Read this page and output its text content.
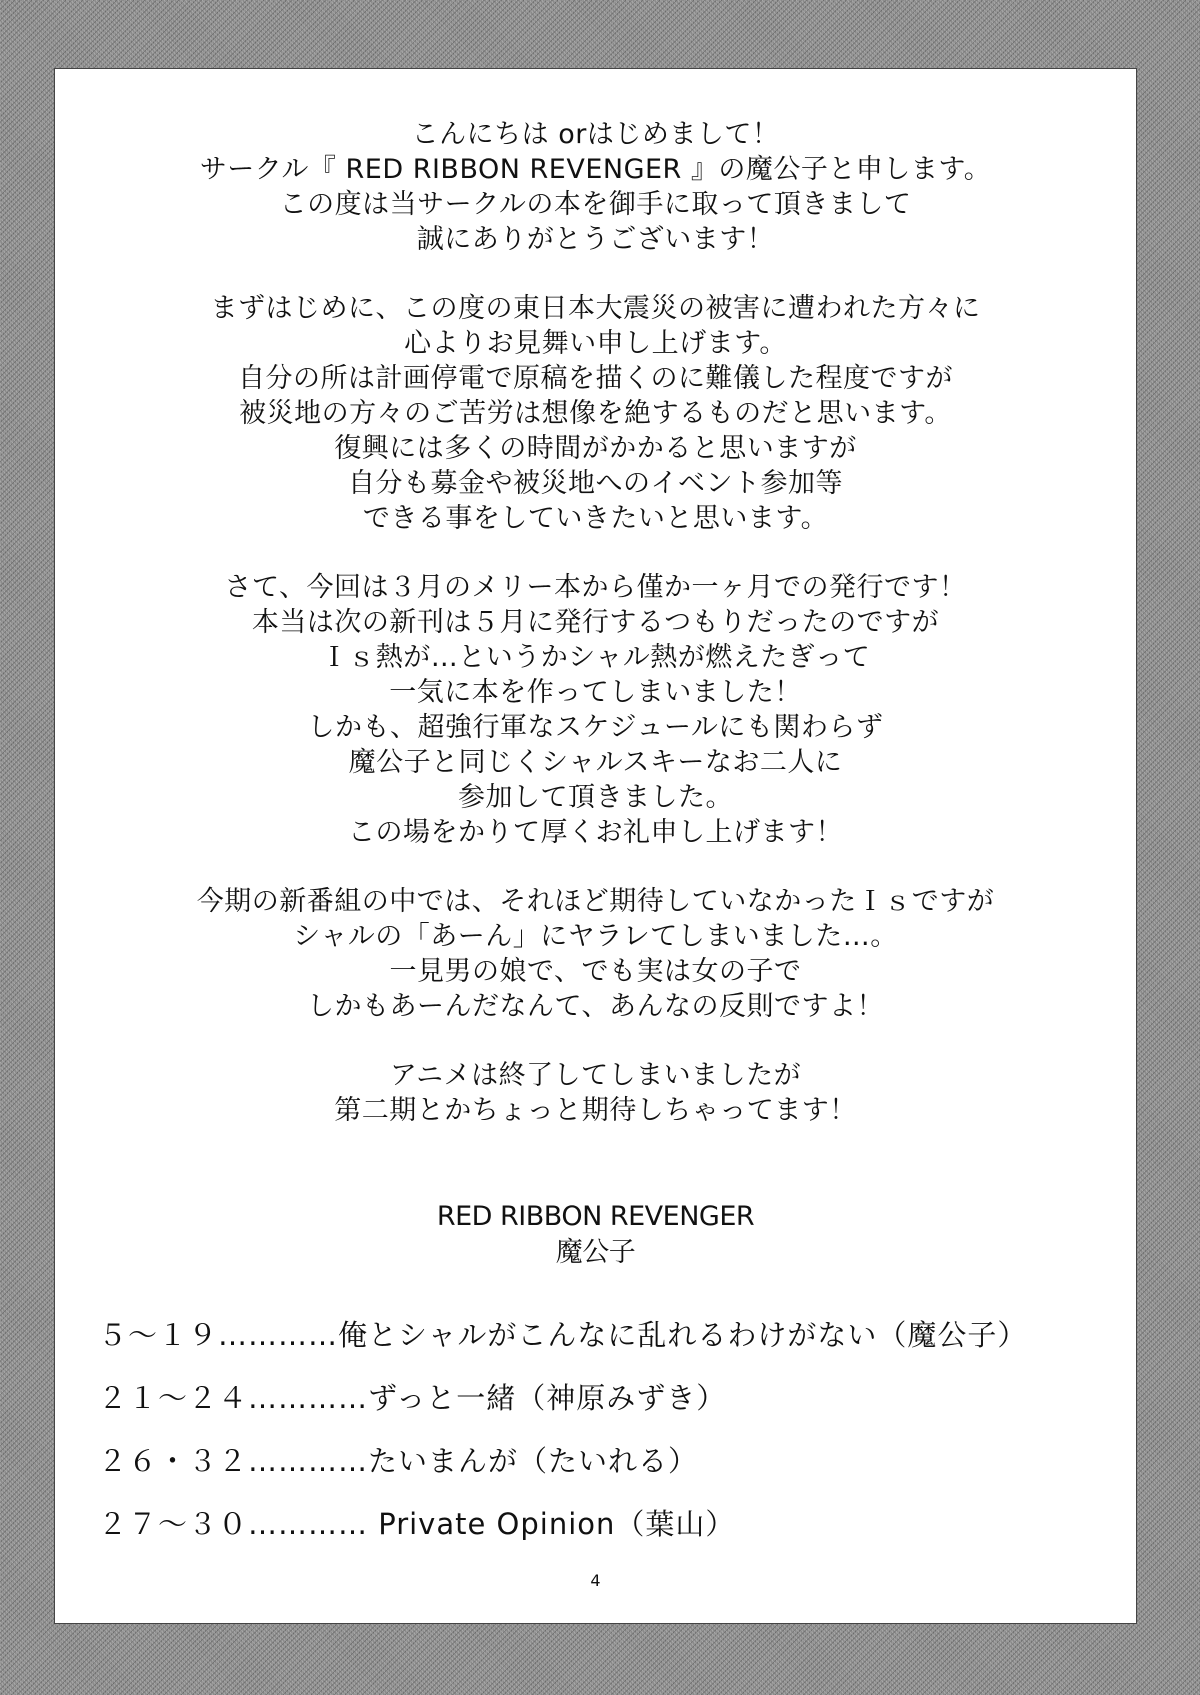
こんにちは orはじめまして！
サークル『 RED RIBBON REVENGER 』の魔公子と申します。
この度は当サークルの本を御手に取って頂きまして
誠にありがとうございます！
まずはじめに、この度の東日本大震災の被害に遭われた方々に
心よりお見舞い申し上げます。
自分の所は計画停電で原稿を描くのに難儀した程度ですが
被災地の方々のご苦労は想像を絶するものだと思います。
復興には多くの時間がかかると思いますが
自分も募金や被災地へのイベント参加等
できる事をしていきたいと思います。
さて、今回は３月のメリー本から僅か一ヶ月での発行です！
本当は次の新刊は５月に発行するつもりだったのですが
Ｉｓ熱が…というかシャル熱が燃えたぎって
一気に本を作ってしまいました！
しかも、超強行軍なスケジュールにも関わらず
魔公子と同じくシャルスキーなお二人に
参加して頂きました。
この場をかりて厚くお礼申し上げます！
今期の新番組の中では、それほど期待していなかったＩｓですが
シャルの「あーん」にヤラレてしまいました…。
一見男の娘で、でも実は女の子で
しかもあーんだなんて、あんなの反則ですよ！
アニメは終了してしまいましたが
第二期とかちょっと期待しちゃってます！
RED RIBBON REVENGER
魔公子
５～１９…………俺とシャルがこんなに乱れるわけがない（魔公子）
２１～２４…………ずっと一緒（神原みずき）
２６・３２…………たいまんが（たいれる）
２７～３０………… Private Opinion（葉山）
4
